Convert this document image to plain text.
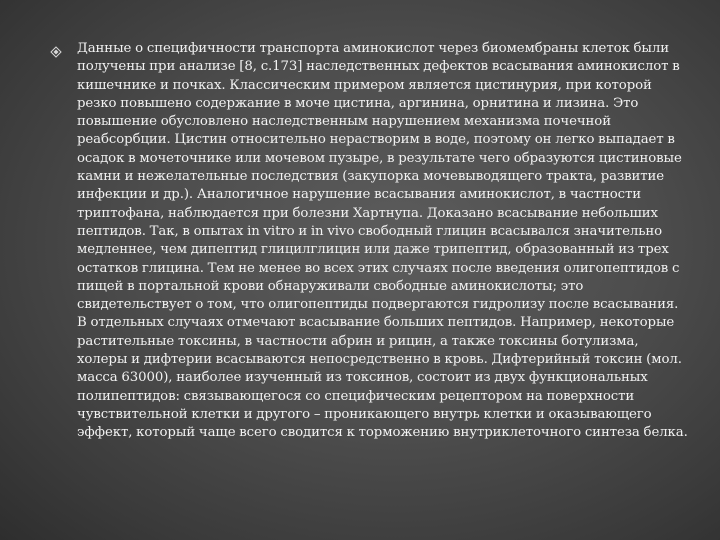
Данные о специфичности транспорта аминокислот через биомембраны клеток были получены при анализе [8, с.173] наследственных дефектов всасывания аминокислот в кишечнике и почках. Классическим примером является цистинурия, при которой резко повышено содержание в моче цистина, аргинина, орнитина и лизина. Это повышение обусловлено наследственным нарушением механизма почечной реабсорбции. Цистин относительно нерастворим в воде, поэтому он легко выпадает в осадок в мочеточнике или мочевом пузыре, в результате чего образуются цистиновые камни и нежелательные последствия (закупорка мочевыводящего тракта, развитие инфекции и др.). Аналогичное нарушение всасывания аминокислот, в частности триптофана, наблюдается при болезни Хартнупа. Доказано всасывание небольших пептидов. Так, в опытах in vitro и in vivo свободный глицин всасывался значительно медленнее, чем дипептид глицилглицин или даже трипептид, образованный из трех остатков глицина. Тем не менее во всех этих случаях после введения олигопептидов с пищей в портальной крови обнаруживали свободные аминокислоты; это свидетельствует о том, что олигопептиды подвергаются гидролизу после всасывания. В отдельных случаях отмечают всасывание больших пептидов. Например, некоторые растительные токсины, в частности абрин и рицин, а также токсины ботулизма, холеры и дифтерии всасываются непосредственно в кровь. Дифтерийный токсин (мол. масса 63000), наиболее изученный из токсинов, состоит из двух функциональных полипептидов: связывающегося со специфическим рецептором на поверхности чувствительной клетки и другого – проникающего внутрь клетки и оказывающего эффект, который чаще всего сводится к торможению внутриклеточного синтеза белка.
